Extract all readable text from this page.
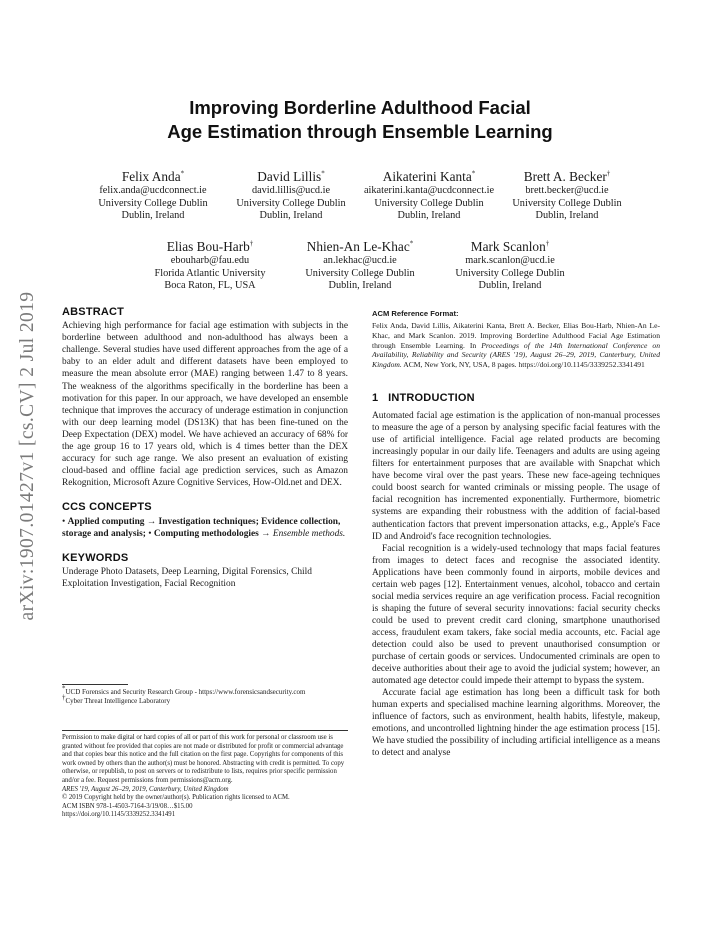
arXiv:1907.01427v1 [cs.CV] 2 Jul 2019
Improving Borderline Adulthood Facial
Age Estimation through Ensemble Learning
Felix Anda*
felix.anda@ucdconnect.ie
University College Dublin
Dublin, Ireland
David Lillis*
david.lillis@ucd.ie
University College Dublin
Dublin, Ireland
Aikaterini Kanta*
aikaterini.kanta@ucdconnect.ie
University College Dublin
Dublin, Ireland
Brett A. Becker†
brett.becker@ucd.ie
University College Dublin
Dublin, Ireland
Elias Bou-Harb†
ebouharb@fau.edu
Florida Atlantic University
Boca Raton, FL, USA
Nhien-An Le-Khac*
an.lekhac@ucd.ie
University College Dublin
Dublin, Ireland
Mark Scanlon†
mark.scanlon@ucd.ie
University College Dublin
Dublin, Ireland
ABSTRACT

Achieving high performance for facial age estimation with subjects in the borderline between adulthood and non-adulthood has always been a challenge. Several studies have used different approaches from the age of a baby to an elder adult and different datasets have been employed to measure the mean absolute error (MAE) ranging between 1.47 to 8 years. The weakness of the algorithms specifically in the borderline has been a motivation for this paper. In our approach, we have developed an ensemble technique that improves the accuracy of underage estimation in conjunction with our deep learning model (DS13K) that has been fine-tuned on the Deep Expectation (DEX) model. We have achieved an accuracy of 68% for the age group 16 to 17 years old, which is 4 times better than the DEX accuracy for such age range. We also present an evaluation of existing cloud-based and offline facial age prediction services, such as Amazon Rekognition, Microsoft Azure Cognitive Services, How-Old.net and DEX.

CCS CONCEPTS

• Applied computing → Investigation techniques; Evidence collection, storage and analysis; • Computing methodologies → Ensemble methods.

KEYWORDS

Underage Photo Datasets, Deep Learning, Digital Forensics, Child Exploitation Investigation, Facial Recognition

*UCD Forensics and Security Research Group - https://www.forensicsandsecurity.com
†Cyber Threat Intelligence Laboratory

Permission to make digital or hard copies of all or part of this work for personal or classroom use is granted without fee provided that copies are not made or distributed for profit or commercial advantage and that copies bear this notice and the full citation on the first page. Copyrights for components of this work owned by others than the author(s) must be honored. Abstracting with credit is permitted. To copy otherwise, or republish, to post on servers or to redistribute to lists, requires prior specific permission and/or a fee. Request permissions from permissions@acm.org.

ARES '19, August 26–29, 2019, Canterbury, United Kingdom

© 2019 Copyright held by the owner/author(s). Publication rights licensed to ACM.

ACM ISBN 978-1-4503-7164-3/19/08…$15.00

https://doi.org/10.1145/3339252.3341491

ACM Reference Format:

Felix Anda, David Lillis, Aikaterini Kanta, Brett A. Becker, Elias Bou-Harb, Nhien-An Le-Khac, and Mark Scanlon. 2019. Improving Borderline Adulthood Facial Age Estimation through Ensemble Learning. In Proceedings of the 14th International Conference on Availability, Reliability and Security (ARES '19), August 26–29, 2019, Canterbury, United Kingdom. ACM, New York, NY, USA, 8 pages. https://doi.org/10.1145/3339252.3341491

1   INTRODUCTION

Automated facial age estimation is the application of non-manual processes to measure the age of a person by analysing specific facial features with the use of artificial intelligence. Facial age related products are becoming increasingly popular in our daily life. Teenagers and adults are using ageing filters for entertainment purposes that are available with Snapchat which have become viral over the past years. These new face-ageing techniques could boost search for wanted criminals or missing people. The usage of facial recognition has incremented exponentially. Furthermore, biometric systems are expanding their robustness with the addition of facial-based authentication factors that prevent impersonation attacks, e.g., Apple's Face ID and Android's face recognition technologies.

Facial recognition is a widely-used technology that maps facial features from images to detect faces and recognise the associated identity. Applications have been commonly found in airports, mobile devices and certain web pages [12]. Entertainment venues, alcohol, tobacco and certain social media services require an age verification process. Facial recognition is shaping the future of several security innovations: facial security checks could be used to prevent credit card cloning, smartphone unauthorised access, fraudulent exam takers, fake social media accounts, etc. Facial age detection could also be used to prevent unauthorised consumption or purchase of certain goods or services. Undocumented criminals are open to deceive authorities about their age to avoid the judicial system; however, an automated age detector could impede their attempt to bypass the system.

Accurate facial age estimation has long been a difficult task for both human experts and specialised machine learning algorithms. Moreover, the influence of factors, such as environment, health habits, lifestyle, makeup, emotions, and uncontrolled lightning hinder the age estimation process [15]. We have studied the possibility of including artificial intelligence as a means to detect and analyse
